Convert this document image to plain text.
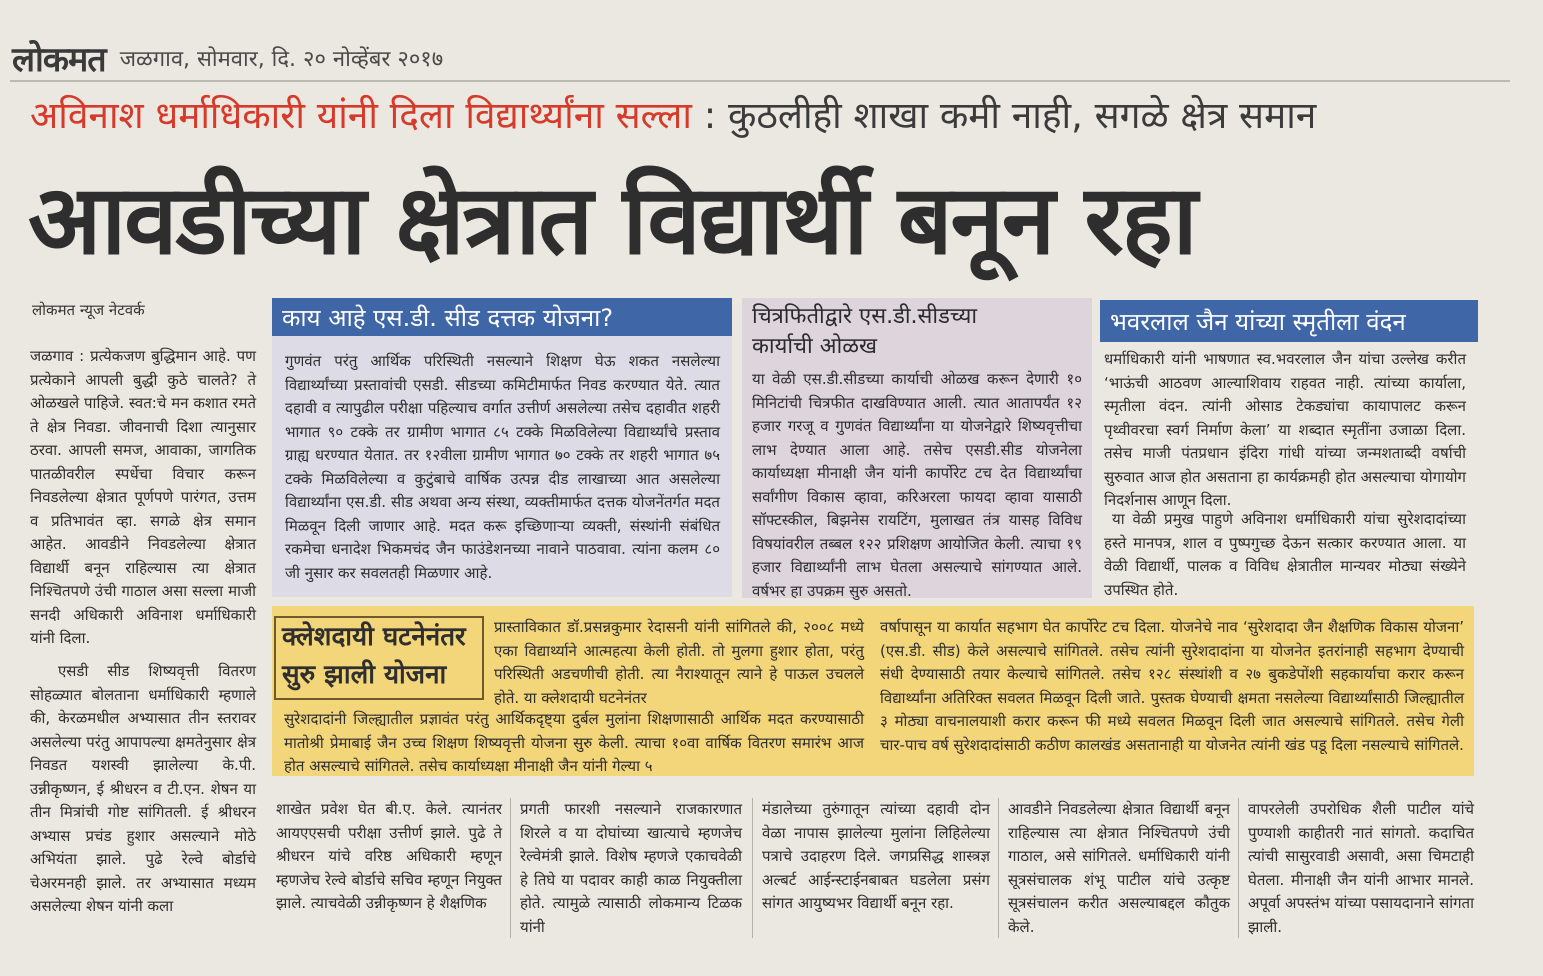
लोकमत जळगाव, सोमवार, दि. २० नोव्हेंबर २०१७
अविनाश धर्माधिकारी यांनी दिला विद्यार्थ्यांना सल्ला : कुठलीही शाखा कमी नाही, सगळे क्षेत्र समान
आवडीच्या क्षेत्रात विद्यार्थी बनून रहा
लोकमत न्यूज नेटवर्क
जळगाव : प्रत्येकजण बुद्धिमान आहे. पण प्रत्येकाने आपली बुद्धी कुठे चालते? ते ओळखले पाहिजे. स्वत:चे मन कशात रमते ते क्षेत्र निवडा. जीवनाची दिशा त्यानुसार ठरवा. आपली समज, आवाका, जागतिक पातळीवरील स्पर्धेचा विचार करून निवडलेल्या क्षेत्रात पूर्णपणे पारंगत, उत्तम व प्रतिभावंत व्हा. सगळे क्षेत्र समान आहेत. आवडीने निवडलेल्या क्षेत्रात विद्यार्थी बनून राहिल्यास त्या क्षेत्रात निश्चितपणे उंची गाठाल असा सल्ला माजी सनदी अधिकारी अविनाश धर्माधिकारी यांनी दिला.
एसडी सीड शिष्यवृत्ती वितरण सोहळ्यात बोलताना धर्माधिकारी म्हणाले की, केरळमधील अभ्यासात तीन स्तरावर असलेल्या परंतु आपापल्या क्षमतेनुसार क्षेत्र निवडत यशस्वी झालेल्या के.पी. उन्नीकृष्णन, ई श्रीधरन व टी.एन. शेषन या तीन मित्रांची गोष्ट सांगितली. ई श्रीधरन अभ्यास प्रचंड हुशार असल्याने मोठे अभियंता झाले. पुढे रेल्वे बोर्डाचे चेअरमनही झाले. तर अभ्यासात मध्यम असलेल्या शेषन यांनी कला
काय आहे एस.डी. सीड दत्तक योजना?
गुणवंत परंतु आर्थिक परिस्थिती नसल्याने शिक्षण घेऊ शकत नसलेल्या विद्यार्थ्यांच्या प्रस्तावांची एसडी. सीडच्या कमिटीमार्फत निवड करण्यात येते. त्यात दहावी व त्यापुढील परीक्षा पहिल्याच वर्गात उत्तीर्ण असलेल्या तसेच दहावीत शहरी भागात ९० टक्के तर ग्रामीण भागात ८५ टक्के मिळविलेल्या विद्यार्थ्यांचे प्रस्ताव ग्राह्य धरण्यात येतात. तर १२वीला ग्रामीण भागात ७० टक्के तर शहरी भागात ७५ टक्के मिळविलेल्या व कुटुंबाचे वार्षिक उत्पन्न दीड लाखाच्या आत असलेल्या विद्यार्थ्यांना एस.डी. सीड अथवा अन्य संस्था, व्यक्तीमार्फत दत्तक योजनेंतर्गत मदत मिळवून दिली जाणार आहे. मदत करू इच्छिणाऱ्या व्यक्ती, संस्थांनी संबंधित रकमेचा धनादेश भिकमचंद जैन फाउंडेशनच्या नावाने पाठवावा. त्यांना कलम ८० जी नुसार कर सवलतही मिळणार आहे.
चित्रफितीद्वारे एस.डी.सीडच्या कार्याची ओळख
या वेळी एस.डी.सीडच्या कार्याची ओळख करून देणारी १० मिनिटांची चित्रफीत दाखविण्यात आली. त्यात आतापर्यंत १२ हजार गरजू व गुणवंत विद्यार्थ्यांना या योजनेद्वारे शिष्यवृत्तीचा लाभ देण्यात आला आहे. तसेच एसडी.सीड योजनेला कार्याध्यक्षा मीनाक्षी जैन यांनी कार्पोरेट टच देत विद्यार्थ्यांचा सर्वांगीण विकास व्हावा, करिअरला फायदा व्हावा यासाठी सॉफ्टस्कील, बिझनेस रायटिंग, मुलाखत तंत्र यासह विविध विषयांवरील तब्बल १२२ प्रशिक्षण आयोजित केली. त्याचा १९ हजार विद्यार्थ्यांनी लाभ घेतला असल्याचे सांगण्यात आले. वर्षभर हा उपक्रम सुरु असतो.
भवरलाल जैन यांच्या स्मृतीला वंदन
धर्माधिकारी यांनी भाषणात स्व.भवरलाल जैन यांचा उल्लेख करीत ‘भाऊंची आठवण आल्याशिवाय राहवत नाही. त्यांच्या कार्याला, स्मृतीला वंदन. त्यांनी ओसाड टेकड्यांचा कायापालट करून पृथ्वीवरचा स्वर्ग निर्माण केला’ या शब्दात स्मृतींना उजाळा दिला. तसेच माजी पंतप्रधान इंदिरा गांधी यांच्या जन्मशताब्दी वर्षाची सुरुवात आज होत असताना हा कार्यक्रमही होत असल्याचा योगायोग निदर्शनास आणून दिला.
या वेळी प्रमुख पाहुणे अविनाश धर्माधिकारी यांचा सुरेशदादांच्या हस्ते मानपत्र, शाल व पुष्पगुच्छ देऊन सत्कार करण्यात आला. या वेळी विद्यार्थी, पालक व विविध क्षेत्रातील मान्यवर मोठ्या संख्येने उपस्थित होते.
क्लेशदायी घटनेनंतर
सुरु झाली योजना
प्रास्ताविकात डॉ.प्रसन्नकुमार रेदासनी यांनी सांगितले की, २००८ मध्ये एका विद्यार्थ्याने आत्महत्या केली होती. तो मुलगा हुशार होता, परंतु परिस्थिती अडचणीची होती. त्या नैराश्यातून त्याने हे पाऊल उचलले होते. या क्लेशदायी घटनेनंतर
सुरेशदादांनी जिल्ह्यातील प्रज्ञावंत परंतु आर्थिकदृष्ट्या दुर्बल मुलांना शिक्षणासाठी आर्थिक मदत करण्यासाठी मातोश्री प्रेमाबाई जैन उच्च शिक्षण शिष्यवृत्ती योजना सुरु केली. त्याचा १०वा वार्षिक वितरण समारंभ आज होत असल्याचे सांगितले. तसेच कार्याध्यक्षा मीनाक्षी जैन यांनी गेल्या ५
वर्षापासून या कार्यात सहभाग घेत कार्पोरेट टच दिला. योजनेचे नाव ‘सुरेशदादा जैन शैक्षणिक विकास योजना’ (एस.डी. सीड) केले असल्याचे सांगितले. तसेच त्यांनी सुरेशदादांना या योजनेत इतरांनाही सहभाग देण्याची संधी देण्यासाठी तयार केल्याचे सांगितले. तसेच १२८ संस्थांशी व २७ बुकडेपोंशी सहकार्याचा करार करून विद्यार्थ्यांना अतिरिक्त सवलत मिळवून दिली जाते. पुस्तक घेण्याची क्षमता नसलेल्या विद्यार्थ्यांसाठी जिल्ह्यातील ३ मोठ्या वाचनालयाशी करार करून फी मध्ये सवलत मिळवून दिली जात असल्याचे सांगितले. तसेच गेली चार-पाच वर्ष सुरेशदादांसाठी कठीण कालखंड असतानाही या योजनेत त्यांनी खंड पडू दिला नसल्याचे सांगितले.
शाखेत प्रवेश घेत बी.ए. केले. त्यानंतर आयएएसची परीक्षा उत्तीर्ण झाले. पुढे ते श्रीधरन यांचे वरिष्ठ अधिकारी म्हणून म्हणजेच रेल्वे बोर्डाचे सचिव म्हणून नियुक्त झाले. त्याचवेळी उन्नीकृष्णन हे शैक्षणिक
प्रगती फारशी नसल्याने राजकारणात शिरले व या दोघांच्या खात्याचे म्हणजेच रेल्वेमंत्री झाले. विशेष म्हणजे एकाचवेळी हे तिघे या पदावर काही काळ नियुक्तीला होते. त्यामुळे त्यासाठी लोकमान्य टिळक यांनी
मंडालेच्या तुरुंगातून त्यांच्या दहावी दोन वेळा नापास झालेल्या मुलांना लिहिलेल्या पत्राचे उदाहरण दिले. जगप्रसिद्ध शास्त्रज्ञ अल्बर्ट आईन्स्टाईनबाबत घडलेला प्रसंग सांगत आयुष्यभर विद्यार्थी बनून रहा.
आवडीने निवडलेल्या क्षेत्रात विद्यार्थी बनून राहिल्यास त्या क्षेत्रात निश्चितपणे उंची गाठाल, असे सांगितले. धर्माधिकारी यांनी सूत्रसंचालक शंभू पाटील यांचे उत्कृष्ट सूत्रसंचालन करीत असल्याबद्दल कौतुक केले.
वापरलेली उपरोधिक शैली पाटील यांचे पुण्याशी काहीतरी नातं सांगतो. कदाचित त्यांची सासुरवाडी असावी, असा चिमटाही घेतला. मीनाक्षी जैन यांनी आभार मानले. अपूर्वा अपस्तंभ यांच्या पसायदानाने सांगता झाली.
